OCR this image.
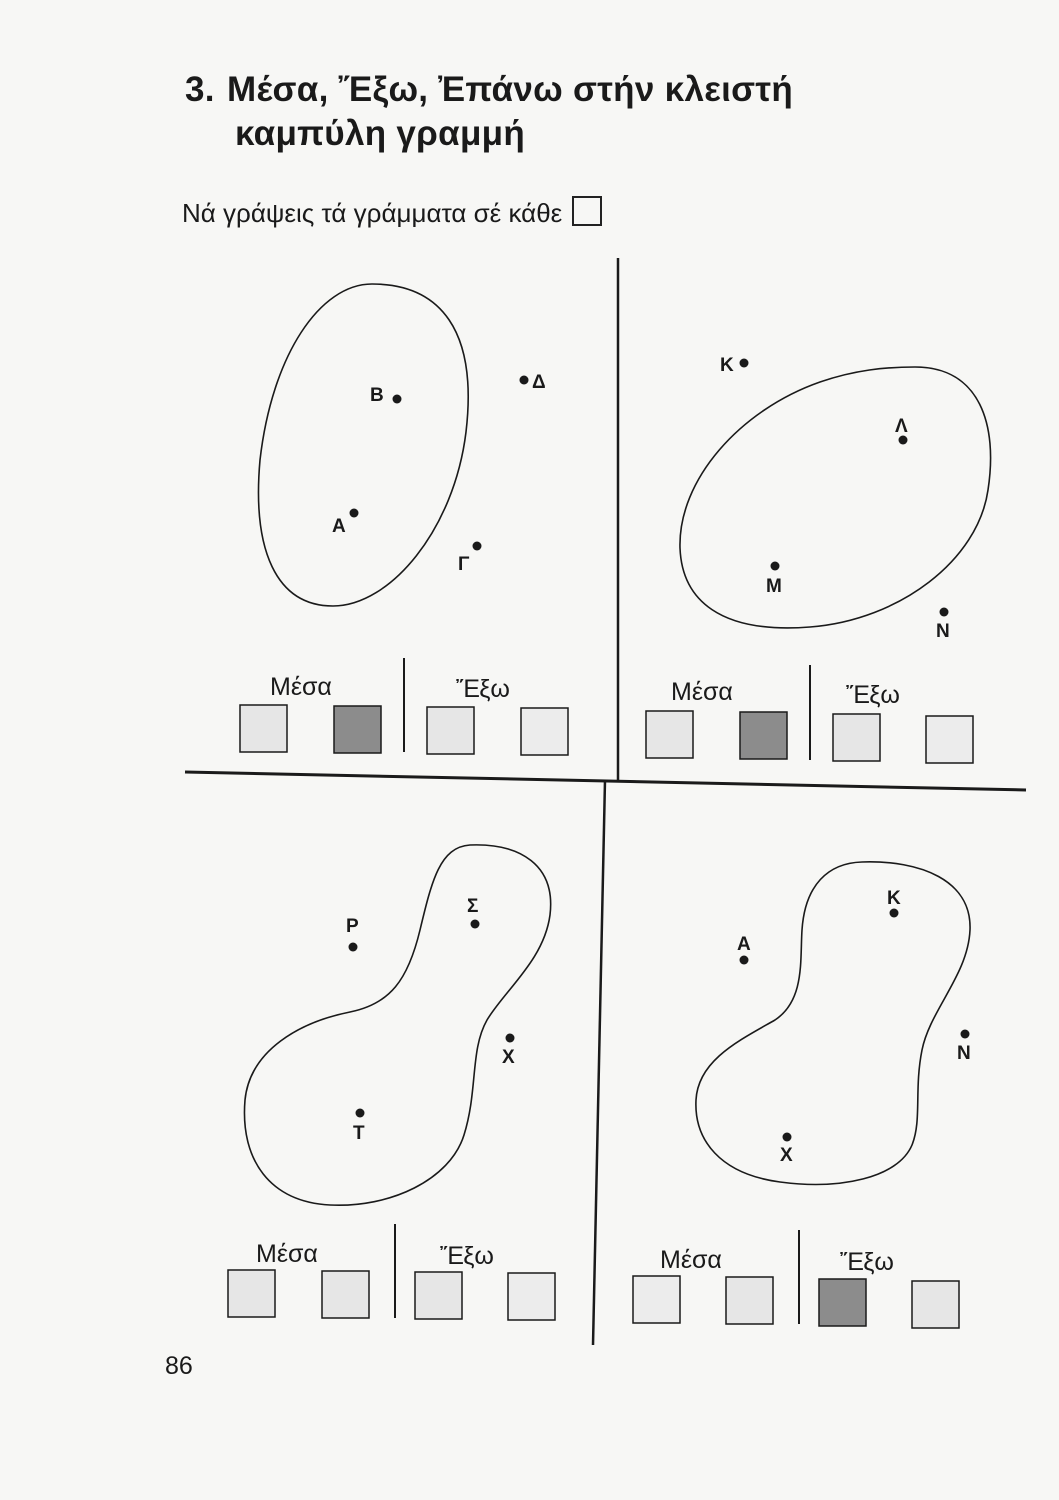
3. Μέσα, Ἔξω, Ἐπάνω στήν κλειστή
καμπύλη γραμμή
Νά γράψεις τά γράμματα σέ κάθε
Β
Δ
Α
Γ
Μέσα	Ἔξω
Κ
Λ
Μ
Ν
Μέσα	Ἔξω
Ρ
Σ
Χ
Τ
Μέσα	Ἔξω
Α
Κ
Ν
Χ
Μέσα	Ἔξω
86
